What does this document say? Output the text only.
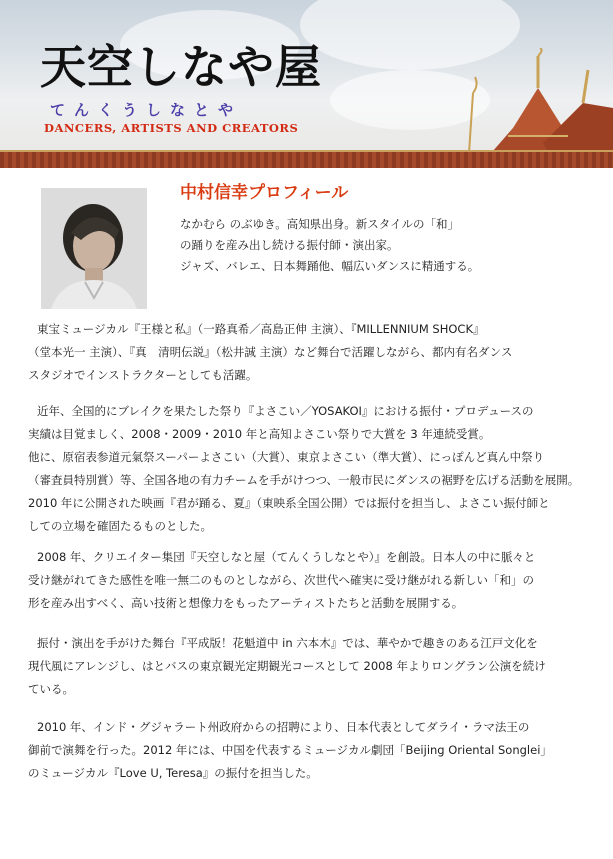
天空しなや屋
てんくうしなとや
DANCERS, ARTISTS AND CREATORS
中村信幸プロフィール

なかむら のぶゆき。高知県出身。新スタイルの「和」

の踊りを産み出し続ける振付師・演出家。

ジャズ、バレエ、日本舞踊他、幅広いダンスに精通する。

東宝ミュージカル『王様と私』（一路真希／高島正伸 主演）、『MILLENNIUM SHOCK』

（堂本光一 主演）、『真　清明伝説』（松井誠 主演）など舞台で活躍しながら、都内有名ダンス

スタジオでインストラクターとしても活躍。

近年、全国的にブレイクを果たした祭り『よさこい／YOSAKOI』における振付・プロデュースの

実績は目覚ましく、2008・2009・2010 年と高知よさこい祭りで大賞を 3 年連続受賞。

他に、原宿表参道元氣祭スーパーよさこい（大賞）、東京よさこい（準大賞）、にっぽんど真ん中祭り

（審査員特別賞）等、全国各地の有力チームを手がけつつ、一般市民にダンスの裾野を広げる活動を展開。

2010 年に公開された映画『君が踊る、夏』（東映系全国公開）では振付を担当し、よさこい振付師と

しての立場を確固たるものとした。

2008 年、クリエイター集団『天空しなと屋（てんくうしなとや）』を創設。日本人の中に脈々と

受け継がれてきた感性を唯一無二のものとしながら、次世代へ確実に受け継がれる新しい「和」の

形を産み出すべく、高い技術と想像力をもったアーティストたちと活動を展開する。

振付・演出を手がけた舞台『平成版！花魁道中 in 六本木』では、華やかで趣きのある江戸文化を

現代風にアレンジし、はとバスの東京観光定期観光コースとして 2008 年よりロングラン公演を続け

ている。

2010 年、インド・グジャラート州政府からの招聘により、日本代表としてダライ・ラマ法王の

御前で演舞を行った。2012 年には、中国を代表するミュージカル劇団「Beijing Oriental Songlei」

のミュージカル『Love U, Teresa』の振付を担当した。
